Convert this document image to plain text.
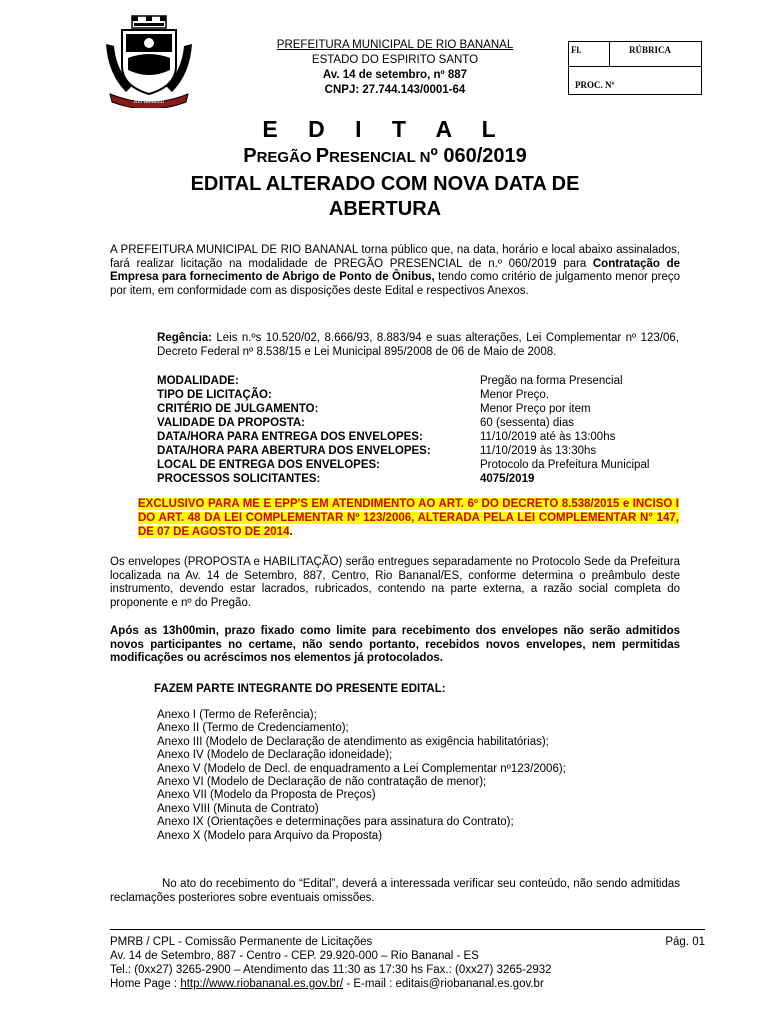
Rio Bananal
PREFEITURA MUNICIPAL DE RIO BANANAL
ESTADO DO ESPIRITO SANTO
Av. 14 de setembro, nº 887
CNPJ: 27.744.143/0001-64
Fl.	RÚBRICA
PROC. Nº
E D I T A L
PREGÃO PRESENCIAL Nº 060/2019
EDITAL ALTERADO COM NOVA DATA DE ABERTURA
A PREFEITURA MUNICIPAL DE RIO BANANAL torna público que, na data, horário e local abaixo assinalados, fará realizar licitação na modalidade de PREGÃO PRESENCIAL de n.º 060/2019 para Contratação de Empresa para fornecimento de Abrigo de Ponto de Ônibus, tendo como critério de julgamento menor preço por item, em conformidade com as disposições deste Edital e respectivos Anexos.
Regência: Leis n.ºs 10.520/02, 8.666/93, 8.883/94 e suas alterações, Lei Complementar nº 123/06, Decreto Federal nº 8.538/15 e Lei Municipal 895/2008 de 06 de Maio de 2008.
MODALIDADE:	Pregão na forma Presencial
TIPO DE LICITAÇÃO:	Menor Preço.
CRITÉRIO DE JULGAMENTO:	Menor Preço por item
VALIDADE DA PROPOSTA:	60 (sessenta) dias
DATA/HORA PARA ENTREGA DOS ENVELOPES:	11/10/2019 até às 13:00hs
DATA/HORA PARA ABERTURA DOS ENVELOPES:	11/10/2019 às 13:30hs
LOCAL DE ENTREGA DOS ENVELOPES:	Protocolo da Prefeitura Municipal
PROCESSOS SOLICITANTES:	4075/2019
EXCLUSIVO PARA ME E EPP'S EM ATENDIMENTO AO ART. 6º DO DECRETO 8.538/2015 e INCISO I DO ART. 48 DA LEI COMPLEMENTAR Nº 123/2006, ALTERADA PELA LEI COMPLEMENTAR N° 147, DE 07 DE AGOSTO DE 2014.
Os envelopes (PROPOSTA e HABILITAÇÃO) serão entregues separadamente no Protocolo Sede da Prefeitura localizada na Av. 14 de Setembro, 887, Centro, Rio Bananal/ES, conforme determina o preâmbulo deste instrumento, devendo estar lacrados, rubricados, contendo na parte externa, a razão social completa do proponente e nº do Pregão.
Após as 13h00min, prazo fixado como limite para recebimento dos envelopes não serão admitidos novos participantes no certame, não sendo portanto, recebidos novos envelopes, nem permitidas modificações ou acréscimos nos elementos já protocolados.
FAZEM PARTE INTEGRANTE DO PRESENTE EDITAL:
Anexo I (Termo de Referência);
Anexo II (Termo de Credenciamento);
Anexo III (Modelo de Declaração de atendimento as exigência habilitatórias);
Anexo IV (Modelo de Declaração idoneidade);
Anexo V (Modelo de Decl. de enquadramento a Lei Complementar nº123/2006);
Anexo VI (Modelo de Declaração de não contratação de menor);
Anexo VII (Modelo da Proposta de Preços)
Anexo VIII (Minuta de Contrato)
Anexo IX (Orientações e determinações para assinatura do Contrato);
Anexo X (Modelo para Arquivo da Proposta)
No ato do recebimento do “Edital”, deverá a interessada verificar seu conteúdo, não sendo admitidas reclamações posteriores sobre eventuais omissões.
PMRB / CPL - Comissão Permanente de Licitações	Pág. 01
Av. 14 de Setembro, 887 - Centro - CEP. 29.920-000 – Rio Bananal - ES
Tel.: (0xx27) 3265-2900 – Atendimento das 11:30 as 17:30 hs Fax.: (0xx27) 3265-2932
Home Page : http://www.riobananal.es.gov.br/ - E-mail : editais@riobananal.es.gov.br
